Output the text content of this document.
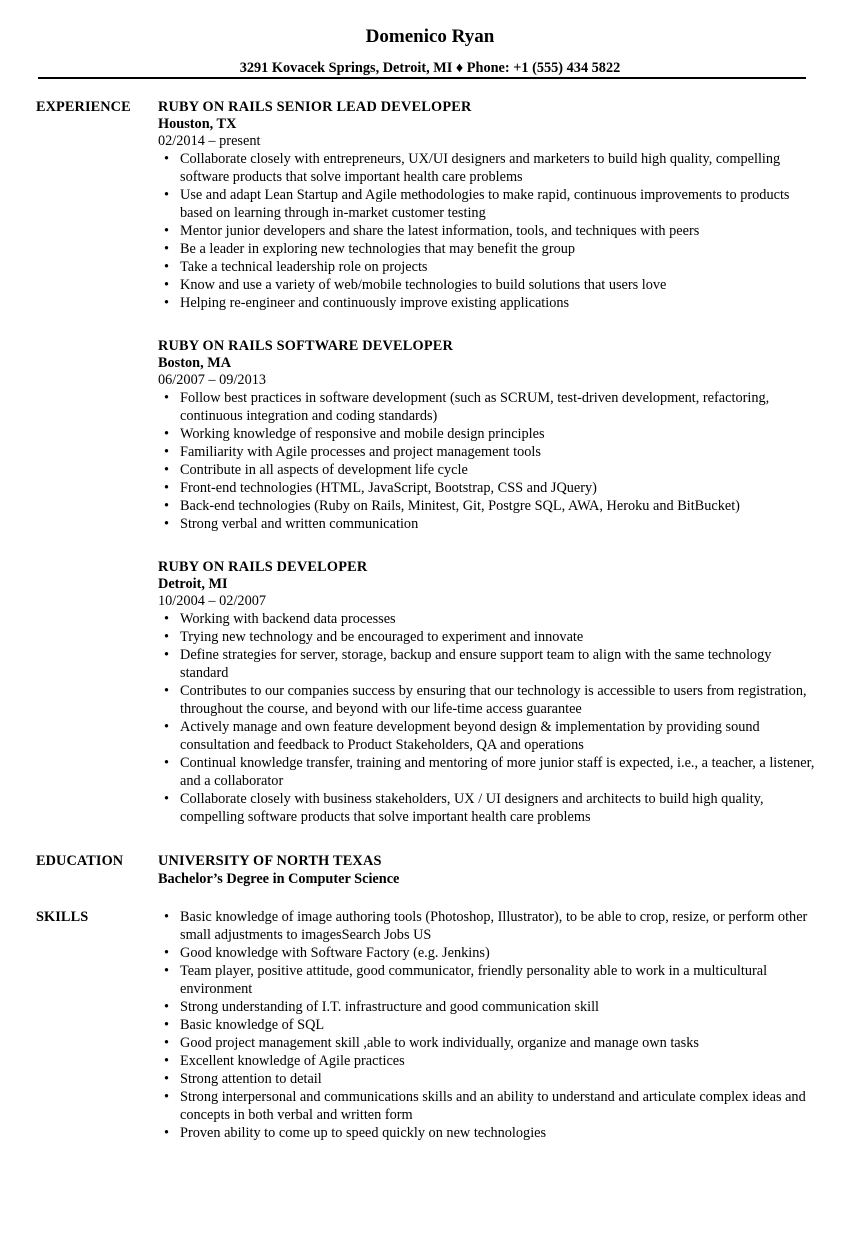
Domenico Ryan
3291 Kovacek Springs, Detroit, MI ♦ Phone: +1 (555) 434 5822
EXPERIENCE RUBY ON RAILS SENIOR LEAD DEVELOPER
Houston, TX
02/2014 – present
• Collaborate closely with entrepreneurs, UX/UI designers and marketers to build high quality, compelling software products that solve important health care problems
• Use and adapt Lean Startup and Agile methodologies to make rapid, continuous improvements to products based on learning through in-market customer testing
• Mentor junior developers and share the latest information, tools, and techniques with peers
• Be a leader in exploring new technologies that may benefit the group
• Take a technical leadership role on projects
• Know and use a variety of web/mobile technologies to build solutions that users love
• Helping re-engineer and continuously improve existing applications
RUBY ON RAILS SOFTWARE DEVELOPER
Boston, MA
06/2007 – 09/2013
• Follow best practices in software development (such as SCRUM, test-driven development, refactoring, continuous integration and coding standards)
• Working knowledge of responsive and mobile design principles
• Familiarity with Agile processes and project management tools
• Contribute in all aspects of development life cycle
• Front-end technologies (HTML, JavaScript, Bootstrap, CSS and JQuery)
• Back-end technologies (Ruby on Rails, Minitest, Git, Postgre SQL, AWA, Heroku and BitBucket)
• Strong verbal and written communication
RUBY ON RAILS DEVELOPER
Detroit, MI
10/2004 – 02/2007
• Working with backend data processes
• Trying new technology and be encouraged to experiment and innovate
• Define strategies for server, storage, backup and ensure support team to align with the same technology standard
• Contributes to our companies success by ensuring that our technology is accessible to users from registration, throughout the course, and beyond with our life-time access guarantee
• Actively manage and own feature development beyond design & implementation by providing sound consultation and feedback to Product Stakeholders, QA and operations
• Continual knowledge transfer, training and mentoring of more junior staff is expected, i.e., a teacher, a listener, and a collaborator
• Collaborate closely with business stakeholders, UX / UI designers and architects to build high quality, compelling software products that solve important health care problems
EDUCATION UNIVERSITY OF NORTH TEXAS
Bachelor’s Degree in Computer Science
SKILLS
•	Basic knowledge of image authoring tools (Photoshop, Illustrator), to be able to crop, resize, or perform other small adjustments to imagesSearch Jobs US
• Good knowledge with Software Factory (e.g. Jenkins)
• Team player, positive attitude, good communicator, friendly personality able to work in a multicultural environment
• Strong understanding of I.T. infrastructure and good communication skill
• Basic knowledge of SQL
• Good project management skill ,able to work individually, organize and manage own tasks
• Excellent knowledge of Agile practices
• Strong attention to detail
• Strong interpersonal and communications skills and an ability to understand and articulate complex ideas and concepts in both verbal and written form
• Proven ability to come up to speed quickly on new technologies
